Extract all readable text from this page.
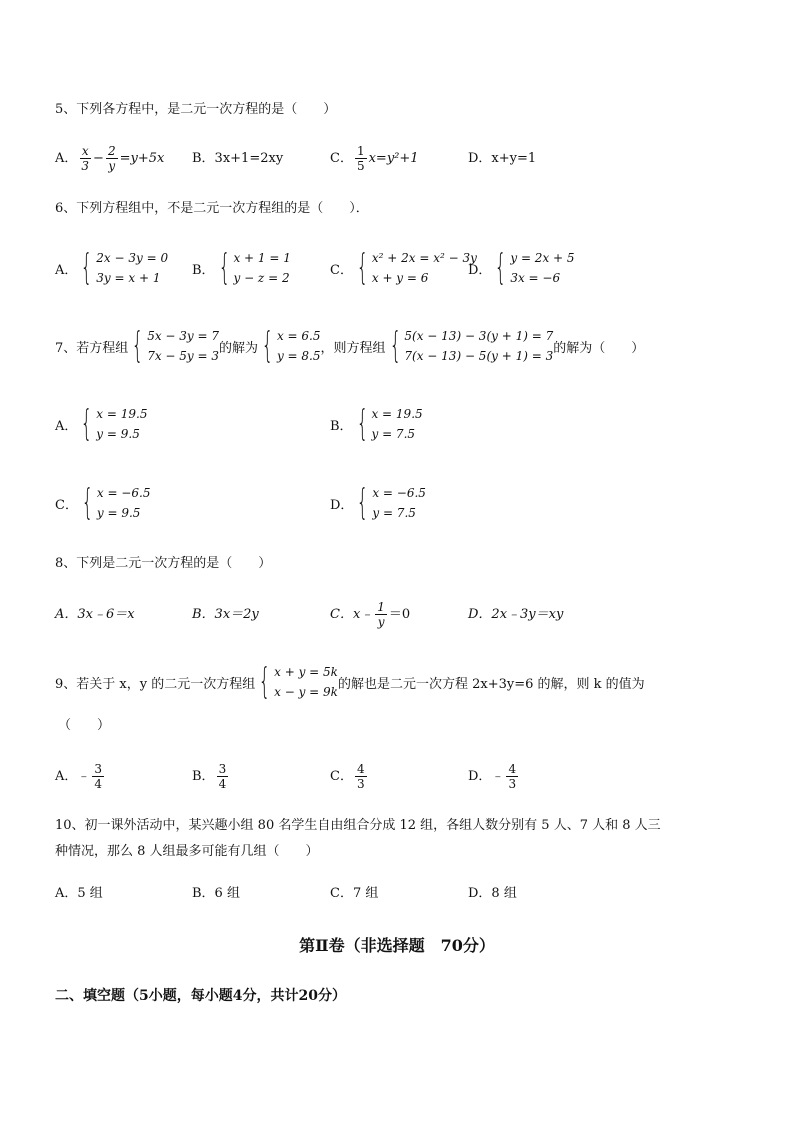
5、下列各方程中，是二元一次方程的是（　　）
A． $\frac{x}{3} - \frac{2}{y} =y+5x$ B．3x+1=2xy	C． $\frac{1}{5} x=y^2+1$	D．x+y=1
6、下列方程组中，不是二元一次方程组的是（　　）．
A． { 2x − 3y = 0
3y = x + 1
B． { x + 1 = 1
y − z = 2
C． { x² + 2x = x² − 3y
x + y = 6
D． { y = 2x + 5
3x = −6
7、若方程组 { 5x − 3y = 7
7x − 5y = 3
的解为 { x = 6.5
y = 8.5
，则方程组 { 5(x − 13) − 3(y + 1) = 7
7(x − 13) − 5(y + 1) = 3
的解为（　　）
A． { x = 19.5
y = 9.5
B． { x = 19.5
y = 7.5
C． { x = −6.5
y = 9.5
D． { x = −6.5
y = 7.5
8、下列是二元一次方程的是（　　）
A．3x﹣6＝x	B．3x＝2y	C．x﹣ $\frac{1}{y} =0$	D．2x﹣3y＝xy
9、若关于 x，y 的二元一次方程组 { x + y = 5k
x − y = 9k
的解也是二元一次方程 2x+3y=6 的解，则 k 的值为
（　　）
A．﹣ $\frac{3}{4}$	B． $\frac{3}{4}$	C． $\frac{4}{3}$	D．﹣ $\frac{4}{3}$
10、初一课外活动中，某兴趣小组 80 名学生自由组合分成 12 组，各组人数分别有 5 人、7 人和 8 人三
种情况，那么 8 人组最多可能有几组（　　）
A．5 组	B．6 组	C．7 组	D．8 组
第Ⅱ卷（非选择题　70分）
二、填空题（5小题，每小题4分，共计20分）
